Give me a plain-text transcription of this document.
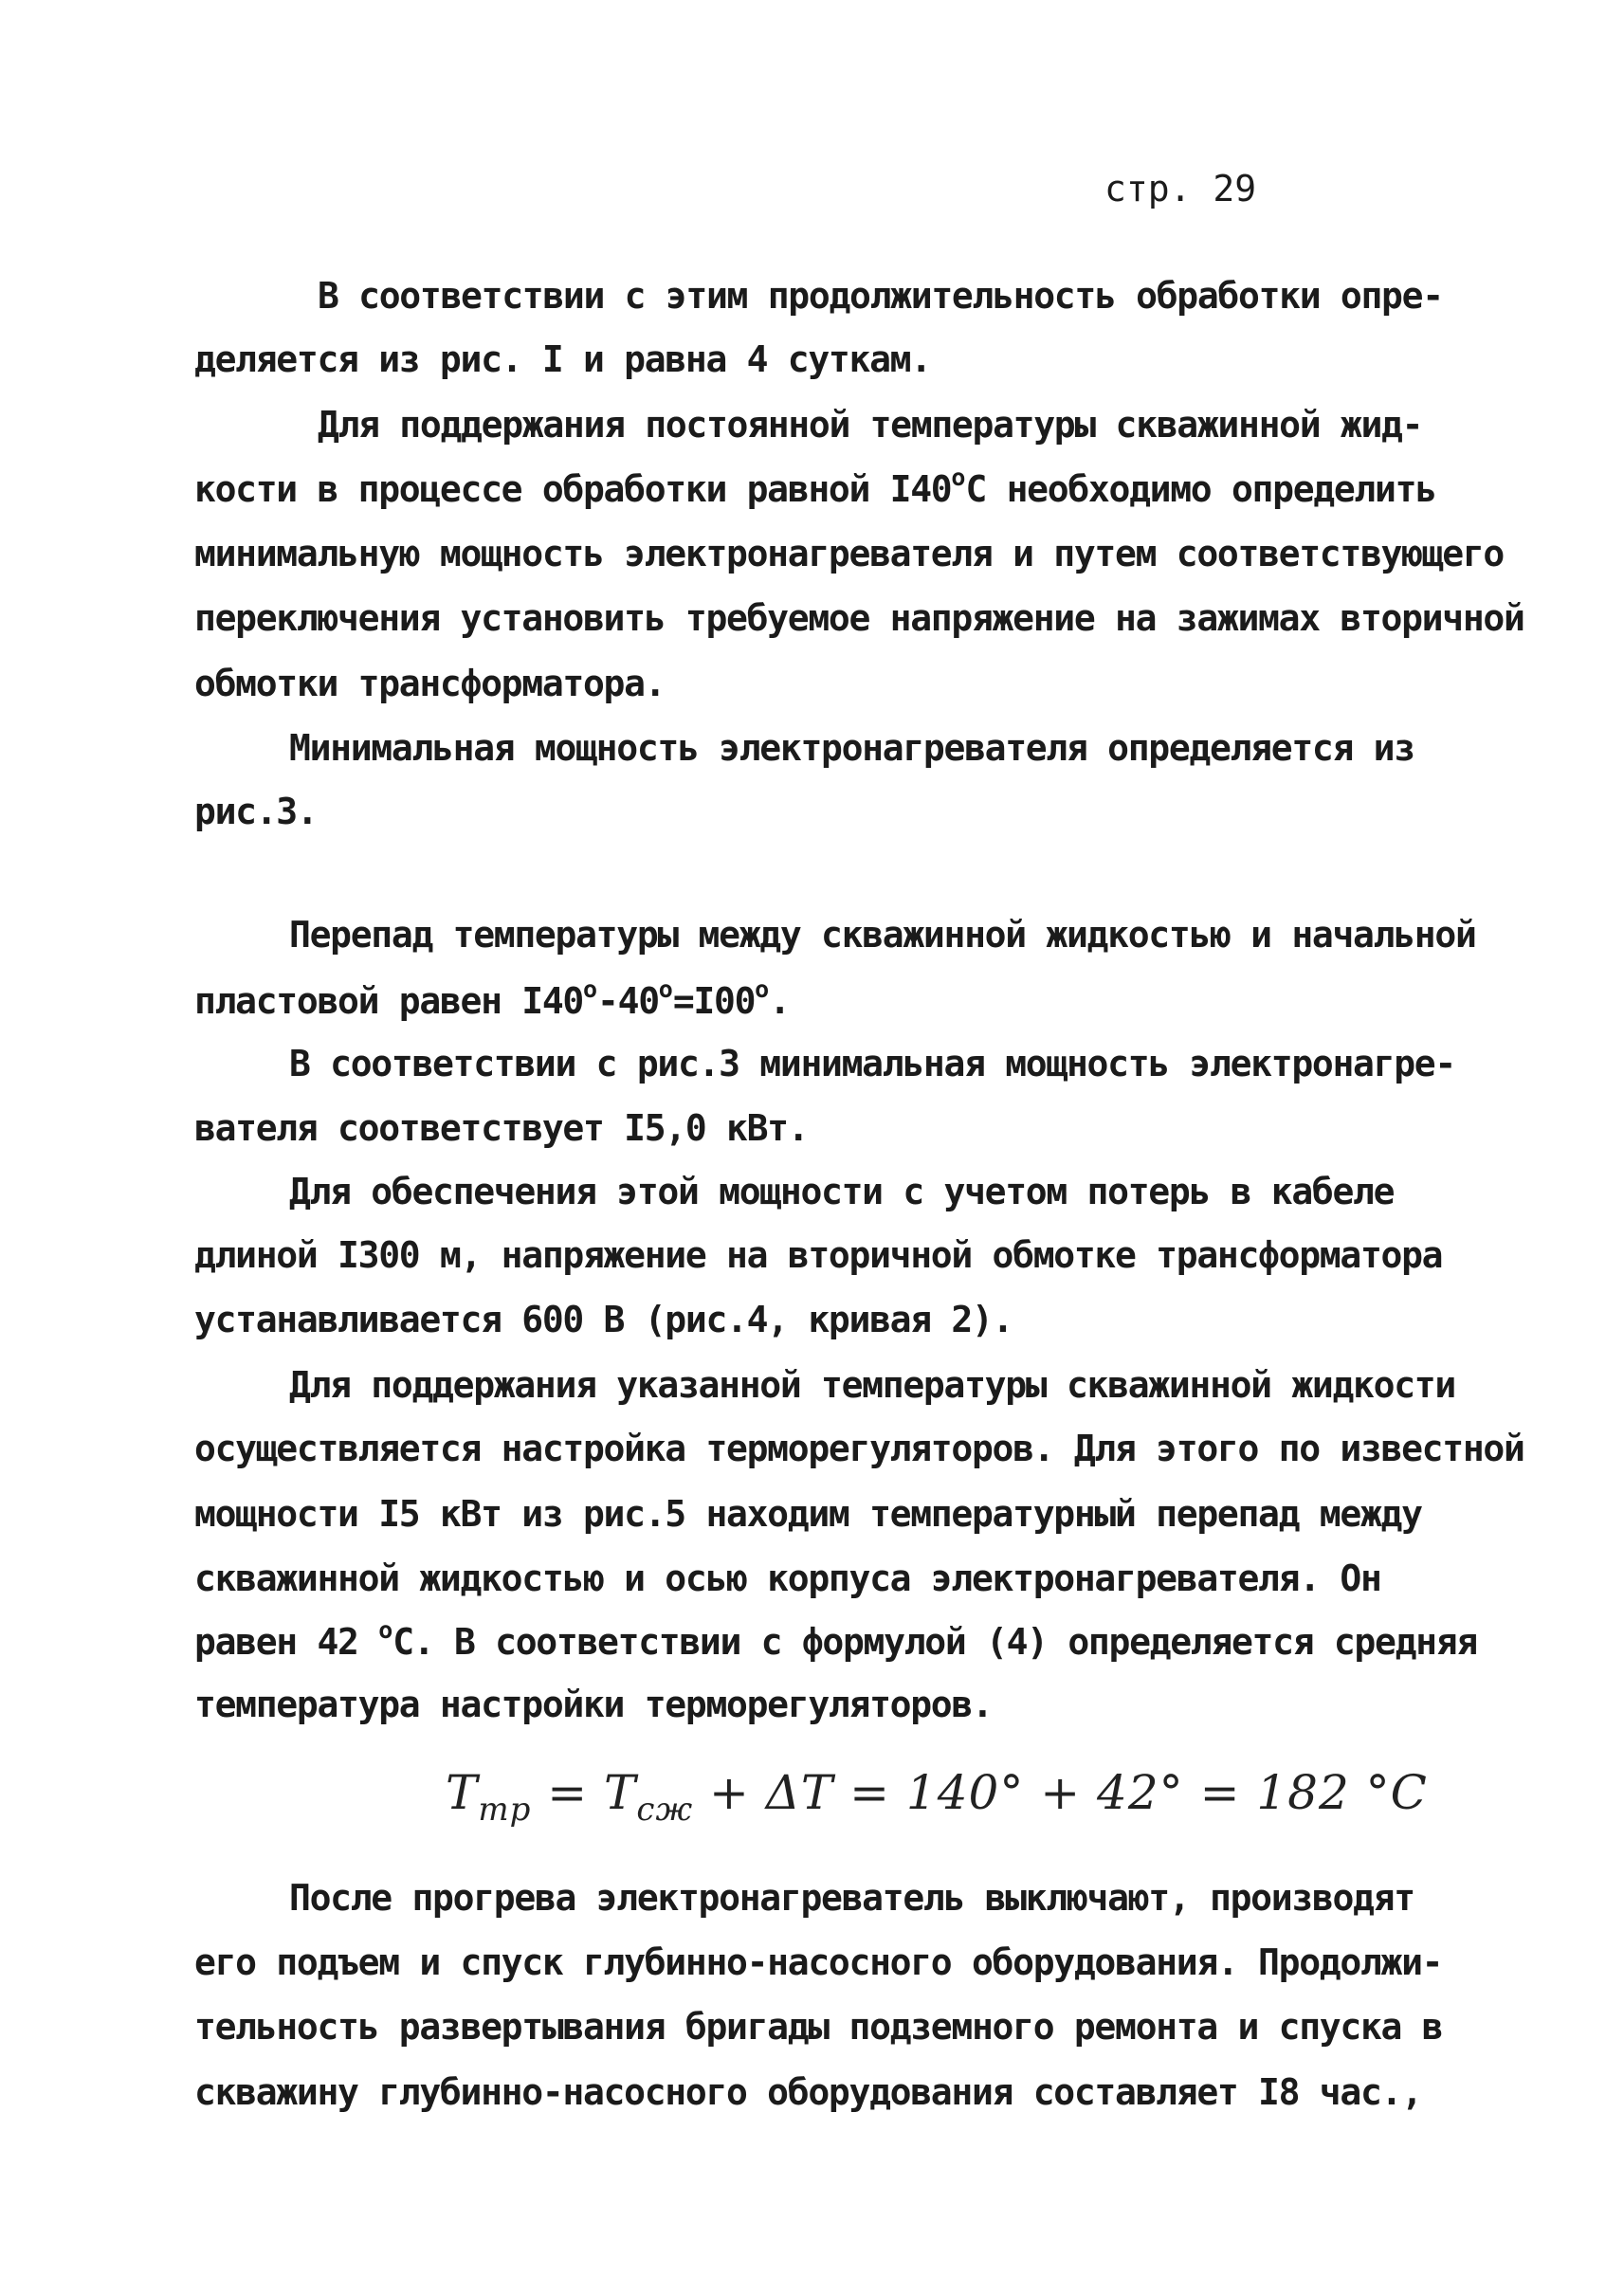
стр. 29
В соответствии с этим продолжительность обработки опре-
деляется из рис. I и равна 4 суткам.
Для поддержания постоянной температуры скважинной жид-
кости в процессе обработки равной I40$^o$С необходимо определить
минимальную мощность электронагревателя и путем соответствующего
переключения установить требуемое напряжение на зажимах вторичной
обмотки трансформатора.
Минимальная мощность электронагревателя определяется из
рис.3.
Перепад температуры между скважинной жидкостью и начальной
пластовой равен $I40^o-40^o=I00^o$.
В соответствии с рис.3 минимальная мощность электронагре-
вателя соответствует I5,0 кВт.
Для обеспечения этой мощности с учетом потерь в кабеле
длиной I300 м, напряжение на вторичной обмотке трансформатора
устанавливается 600 В (рис.4, кривая 2).
Для поддержания указанной температуры скважинной жидкости
осуществляется настройка терморегуляторов. Для этого по известной
мощности I5 кВт из рис.5 находим температурный перепад между
скважинной жидкостью и осью корпуса электронагревателя. Он
равен 42 $^o$С. В соответствии с формулой (4) определяется средняя
температура настройки терморегуляторов.
$T_{тр} = T_{сж} + \Delta T = 140^\circ + 42^\circ = 182$ °C
После прогрева электронагреватель выключают, производят
его подъем и спуск глубинно-насосного оборудования. Продолжи-
тельность развертывания бригады подземного ремонта и спуска в
скважину глубинно-насосного оборудования составляет I8 час.,
